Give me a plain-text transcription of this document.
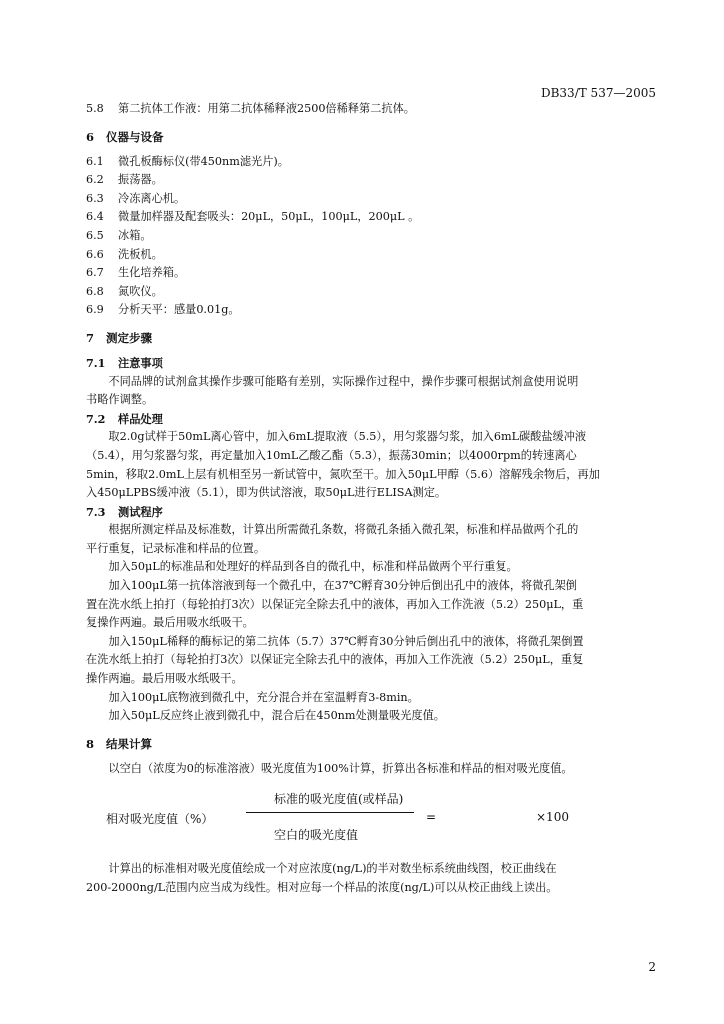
DB33/T 537—2005
5.8 第二抗体工作液：用第二抗体稀释液2500倍稀释第二抗体。
6 仪器与设备
6.1 微孔板酶标仪(带450nm滤光片)。
6.2 振荡器。
6.3 冷冻离心机。
6.4 微量加样器及配套吸头：20μL，50μL，100μL，200μL 。
6.5 冰箱。
6.6 洗板机。
6.7 生化培养箱。
6.8 氮吹仪。
6.9 分析天平：感量0.01g。
7 测定步骤
7.1 注意事项
不同品牌的试剂盒其操作步骤可能略有差别，实际操作过程中，操作步骤可根据试剂盒使用说明
书略作调整。
7.2 样品处理
取2.0g试样于50mL离心管中，加入6mL提取液（5.5），用匀浆器匀浆，加入6mL碳酸盐缓冲液
（5.4），用匀浆器匀浆，再定量加入10mL乙酸乙酯（5.3），振荡30min；以4000rpm的转速离心
5min，移取2.0mL上层有机相至另一新试管中，氮吹至干。加入50μL甲醇（5.6）溶解残余物后，再加
入450μLPBS缓冲液（5.1），即为供试溶液，取50μL进行ELISA测定。
7.3 测试程序
根据所测定样品及标准数，计算出所需微孔条数，将微孔条插入微孔架，标准和样品做两个孔的
平行重复，记录标准和样品的位置。
加入50μL的标准品和处理好的样品到各自的微孔中，标准和样品做两个平行重复。
加入100μL第一抗体溶液到每一个微孔中，在37℃孵育30分钟后倒出孔中的液体，将微孔架倒
置在洗水纸上拍打（每轮拍打3次）以保证完全除去孔中的液体，再加入工作洗液（5.2）250μL，重
复操作两遍。最后用吸水纸吸干。
加入150μL稀释的酶标记的第二抗体（5.7）37℃孵育30分钟后倒出孔中的液体，将微孔架倒置
在洗水纸上拍打（每轮拍打3次）以保证完全除去孔中的液体，再加入工作洗液（5.2）250μL，重复
操作两遍。最后用吸水纸吸干。
加入100μL底物液到微孔中，充分混合并在室温孵育3-8min。
加入50μL反应终止液到微孔中，混合后在450nm处测量吸光度值。
8 结果计算
以空白（浓度为0的标准溶液）吸光度值为100%计算，折算出各标准和样品的相对吸光度值。
相对吸光度值（%）
标准的吸光度值(或样品)
空白的吸光度值
=	×100
计算出的标准相对吸光度值绘成一个对应浓度(ng/L)的半对数坐标系统曲线图，校正曲线在
200-2000ng/L范围内应当成为线性。相对应每一个样品的浓度(ng/L)可以从校正曲线上读出。
2
